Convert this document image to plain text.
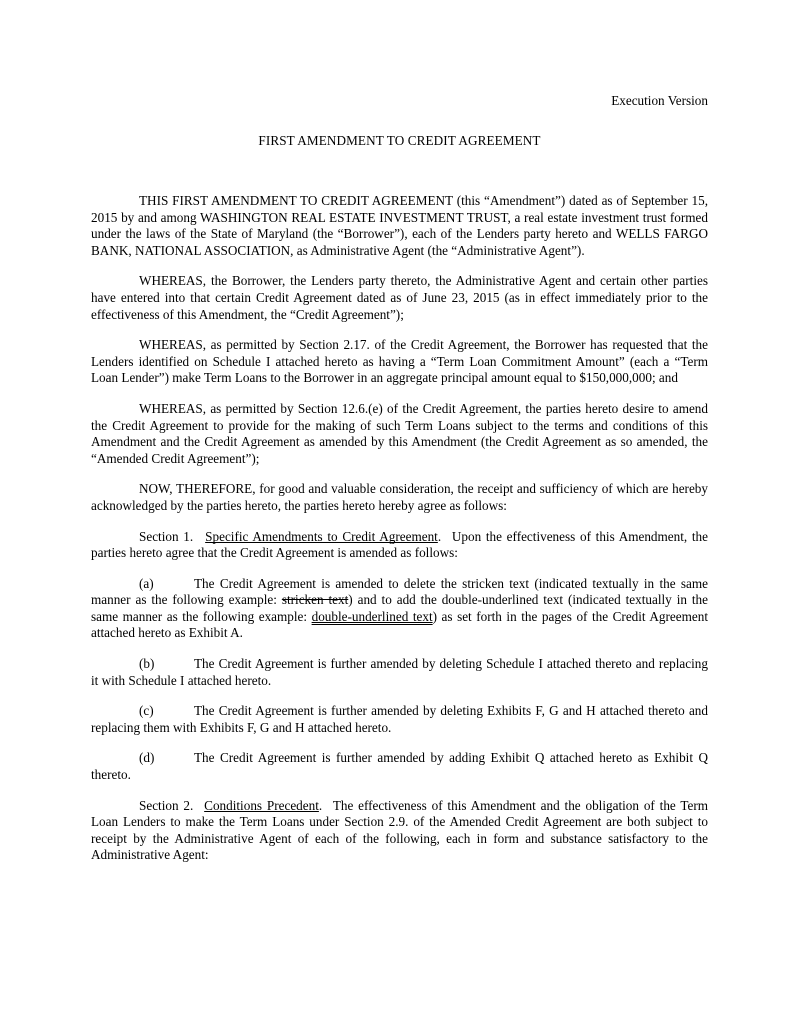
Execution Version
FIRST AMENDMENT TO CREDIT AGREEMENT

THIS FIRST AMENDMENT TO CREDIT AGREEMENT (this “Amendment”) dated as of September 15, 2015 by and among WASHINGTON REAL ESTATE INVESTMENT TRUST, a real estate investment trust formed under the laws of the State of Maryland (the “Borrower”), each of the Lenders party hereto and WELLS FARGO BANK, NATIONAL ASSOCIATION, as Administrative Agent (the “Administrative Agent”).

WHEREAS, the Borrower, the Lenders party thereto, the Administrative Agent and certain other parties have entered into that certain Credit Agreement dated as of June 23, 2015 (as in effect immediately prior to the effectiveness of this Amendment, the “Credit Agreement”);

WHEREAS, as permitted by Section 2.17. of the Credit Agreement, the Borrower has requested that the Lenders identified on Schedule I attached hereto as having a “Term Loan Commitment Amount” (each a “Term Loan Lender”) make Term Loans to the Borrower in an aggregate principal amount equal to $150,000,000; and

WHEREAS, as permitted by Section 12.6.(e) of the Credit Agreement, the parties hereto desire to amend the Credit Agreement to provide for the making of such Term Loans subject to the terms and conditions of this Amendment and the Credit Agreement as amended by this Amendment (the Credit Agreement as so amended, the “Amended Credit Agreement”);

NOW, THEREFORE, for good and valuable consideration, the receipt and sufficiency of which are hereby acknowledged by the parties hereto, the parties hereto hereby agree as follows:

Section 1. Specific Amendments to Credit Agreement. Upon the effectiveness of this Amendment, the parties hereto agree that the Credit Agreement is amended as follows:

(a)	The Credit Agreement is amended to delete the stricken text (indicated textually in the same manner as the following example: stricken text) and to add the double-underlined text (indicated textually in the same manner as the following example: double-underlined text) as set forth in the pages of the Credit Agreement attached hereto as Exhibit A.

(b)	The Credit Agreement is further amended by deleting Schedule I attached thereto and replacing it with Schedule I attached hereto.

(c)	The Credit Agreement is further amended by deleting Exhibits F, G and H attached thereto and replacing them with Exhibits F, G and H attached hereto.

(d)	The Credit Agreement is further amended by adding Exhibit Q attached hereto as Exhibit Q thereto.

Section 2. Conditions Precedent. The effectiveness of this Amendment and the obligation of the Term Loan Lenders to make the Term Loans under Section 2.9. of the Amended Credit Agreement are both subject to receipt by the Administrative Agent of each of the following, each in form and substance satisfactory to the Administrative Agent:
